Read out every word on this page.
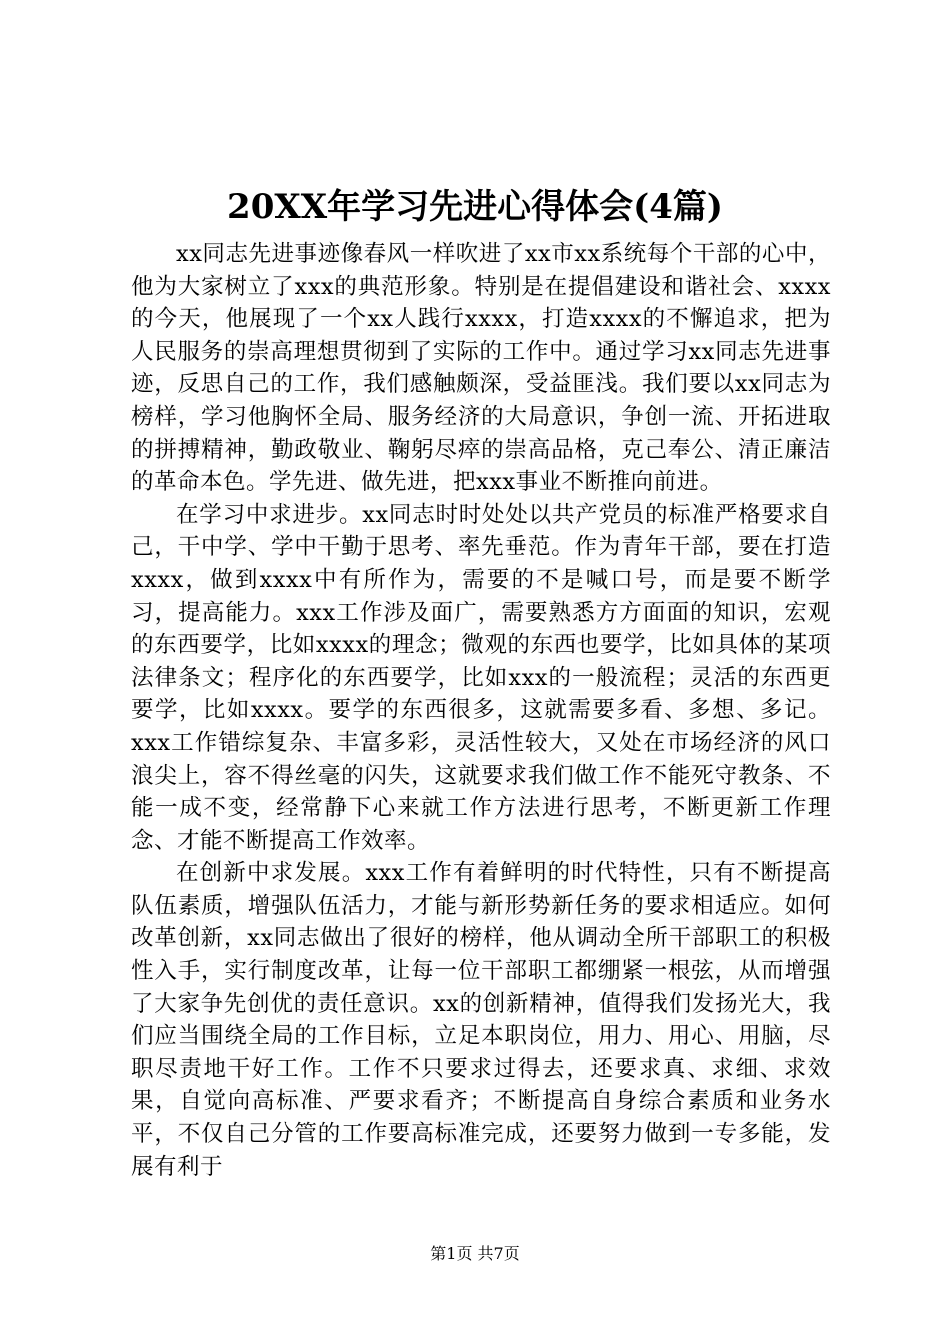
20XX年学习先进心得体会(4篇)

xx同志先进事迹像春风一样吹进了xx市xx系统每个干部的心中，他为大家树立了xxx的典范形象。特别是在提倡建设和谐社会、xxxx的今天，他展现了一个xx人践行xxxx，打造xxxx的不懈追求，把为人民服务的崇高理想贯彻到了实际的工作中。通过学习xx同志先进事迹，反思自己的工作，我们感触颇深，受益匪浅。我们要以xx同志为榜样，学习他胸怀全局、服务经济的大局意识，争创一流、开拓进取的拼搏精神，勤政敬业、鞠躬尽瘁的崇高品格，克己奉公、清正廉洁的革命本色。学先进、做先进，把xxx事业不断推向前进。

在学习中求进步。xx同志时时处处以共产党员的标准严格要求自己，干中学、学中干勤于思考、率先垂范。作为青年干部，要在打造xxxx，做到xxxx中有所作为，需要的不是喊口号，而是要不断学习，提高能力。xxx工作涉及面广，需要熟悉方方面面的知识，宏观的东西要学，比如xxxx的理念；微观的东西也要学，比如具体的某项法律条文；程序化的东西要学，比如xxx的一般流程；灵活的东西更要学，比如xxxx。要学的东西很多，这就需要多看、多想、多记。xxx工作错综复杂、丰富多彩，灵活性较大，又处在市场经济的风口浪尖上，容不得丝毫的闪失，这就要求我们做工作不能死守教条、不能一成不变，经常静下心来就工作方法进行思考，不断更新工作理念、才能不断提高工作效率。

在创新中求发展。xxx工作有着鲜明的时代特性，只有不断提高队伍素质，增强队伍活力，才能与新形势新任务的要求相适应。如何改革创新，xx同志做出了很好的榜样，他从调动全所干部职工的积极性入手，实行制度改革，让每一位干部职工都绷紧一根弦，从而增强了大家争先创优的责任意识。xx的创新精神，值得我们发扬光大，我们应当围绕全局的工作目标，立足本职岗位，用力、用心、用脑，尽职尽责地干好工作。工作不只要求过得去，还要求真、求细、求效果，自觉向高标准、严要求看齐；不断提高自身综合素质和业务水平，不仅自己分管的工作要高标准完成，还要努力做到一专多能，发展有利于

第1页 共7页
